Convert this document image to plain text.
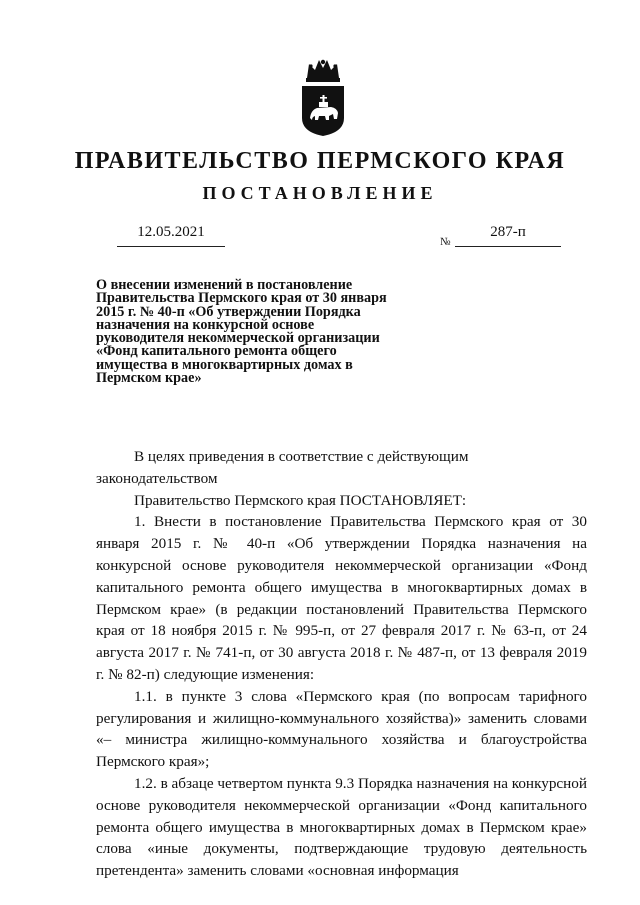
ПРАВИТЕЛЬСТВО ПЕРМСКОГО КРАЯ
ПОСТАНОВЛЕНИЕ
12.05.2021
№
287-п
О внесении изменений в постановление Правительства Пермского края от 30 января 2015 г. № 40-п «Об утверждении Порядка назначения на конкурсной основе руководителя некоммерческой организации «Фонд капитального ремонта общего имущества в многоквартирных домах в Пермском крае»

В целях приведения в соответствие с действующим законодательством

Правительство Пермского края ПОСТАНОВЛЯЕТ:

1. Внести в постановление Правительства Пермского края от 30 января 2015 г. № 40-п «Об утверждении Порядка назначения на конкурсной основе руководителя некоммерческой организации «Фонд капитального ремонта общего имущества в многоквартирных домах в Пермском крае» (в редакции постановлений Правительства Пермского края от 18 ноября 2015 г. № 995-п, от 27 февраля 2017 г. № 63-п, от 24 августа 2017 г. № 741-п, от 30 августа 2018 г. № 487-п, от 13 февраля 2019 г. № 82-п) следующие изменения:

1.1. в пункте 3 слова «Пермского края (по вопросам тарифного регулирования и жилищно-коммунального хозяйства)» заменить словами «– министра жилищно-коммунального хозяйства и благоустройства Пермского края»;

1.2. в абзаце четвертом пункта 9.3 Порядка назначения на конкурсной основе руководителя некоммерческой организации «Фонд капитального ремонта общего имущества в многоквартирных домах в Пермском крае» слова «иные документы, подтверждающие трудовую деятельность претендента» заменить словами «основная информация
